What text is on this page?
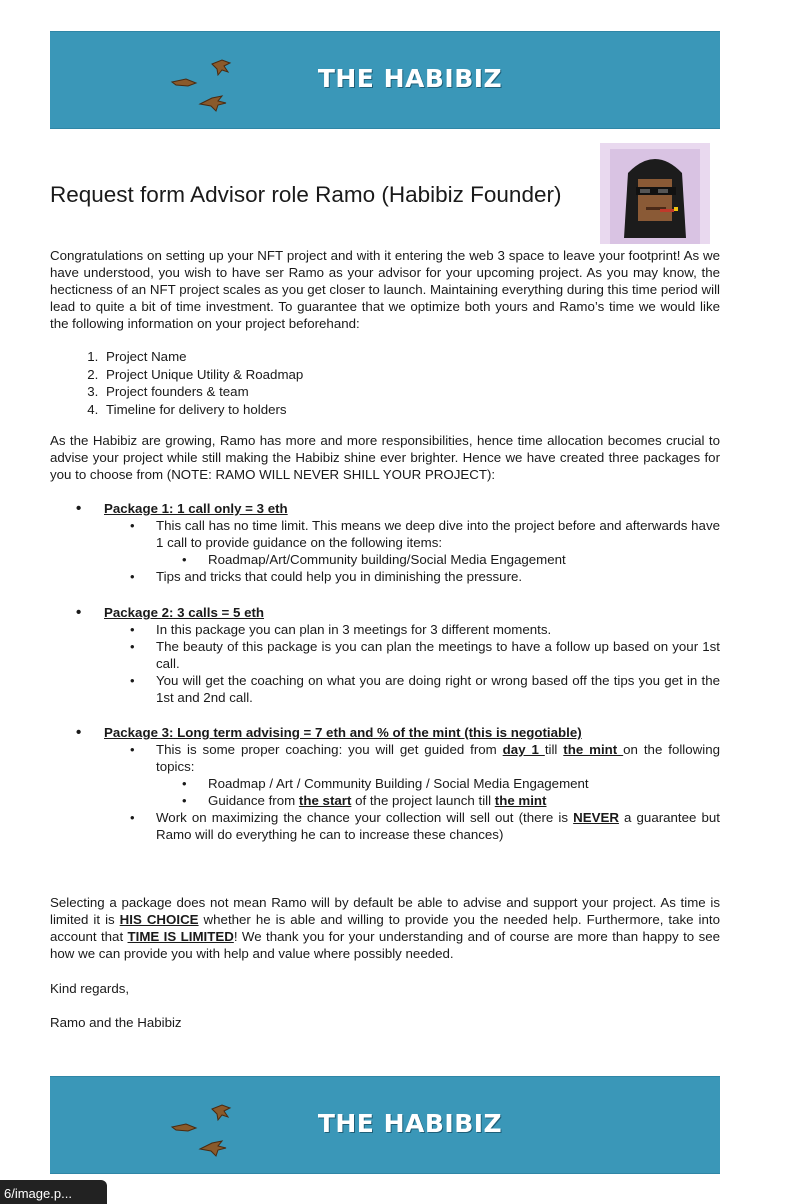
THE HABIBIZ
Request form Advisor role Ramo (Habibiz Founder)
Congratulations on setting up your NFT project and with it entering the web 3 space to leave your footprint! As we have understood, you wish to have ser Ramo as your advisor for your upcoming project. As you may know, the hecticness of an NFT project scales as you get closer to launch. Maintaining everything during this time period will lead to quite a bit of time investment. To guarantee that we optimize both yours and Ramo’s time we would like the following information on your project beforehand:
1. Project Name
2. Project Unique Utility & Roadmap
3. Project founders & team
4. Timeline for delivery to holders
As the Habibiz are growing, Ramo has more and more responsibilities, hence time allocation becomes crucial to advise your project while still making the Habibiz shine ever brighter. Hence we have created three packages for you to choose from (NOTE: RAMO WILL NEVER SHILL YOUR PROJECT):
• Package 1: 1 call only = 3 eth
• This call has no time limit. This means we deep dive into the project before and afterwards have 1 call to provide guidance on the following items:
• Roadmap/Art/Community building/Social Media Engagement
• Tips and tricks that could help you in diminishing the pressure.
• Package 2: 3 calls = 5 eth
• In this package you can plan in 3 meetings for 3 different moments.
• The beauty of this package is you can plan the meetings to have a follow up based on your 1st call.
• You will get the coaching on what you are doing right or wrong based off the tips you get in the 1st and 2nd call.
• Package 3: Long term advising = 7 eth and % of the mint (this is negotiable)
• This is some proper coaching: you will get guided from day 1 till the mint on the following topics:
• Roadmap / Art / Community Building / Social Media Engagement
• Guidance from the start of the project launch till the mint
• Work on maximizing the chance your collection will sell out (there is NEVER a guarantee but Ramo will do everything he can to increase these chances)
Selecting a package does not mean Ramo will by default be able to advise and support your project. As time is limited it is HIS CHOICE whether he is able and willing to provide you the needed help. Furthermore, take into account that TIME IS LIMITED! We thank you for your understanding and of course are more than happy to see how we can provide you with help and value where possibly needed.
Kind regards,
Ramo and the Habibiz
THE HABIBIZ
6/image.p...
